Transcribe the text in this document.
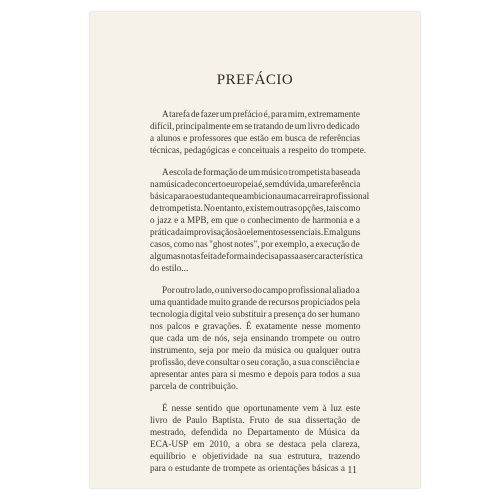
PREFÁCIO
A tarefa de fazer um prefácio é, para mim, extremamente
difícil, principalmente em se tratando de um livro dedicado
a alunos e professores que estão em busca de referências
técnicas, pedagógicas e conceituais a respeito do trompete.
A escola de formação de um músico trompetista baseada
na música de concerto europeia é, sem dúvida, uma referência
básica para o estudante que ambiciona uma carreira profissional
de trompetista. No entanto, existem outras opções, tais como
o jazz e a MPB, em que o conhecimento de harmonia e a
prática da improvisação são elementos essenciais. Em alguns
casos, como nas "ghost notes", por exemplo, a execução de
algumas notas feita de forma indecisa passa a ser característica
do estilo...
Por outro lado, o universo do campo profissional aliado a
uma quantidade muito grande de recursos propiciados pela
tecnologia digital veio substituir a presença do ser humano
nos palcos e gravações. É exatamente nesse momento
que cada um de nós, seja ensinando trompete ou outro
instrumento, seja por meio da música ou qualquer outra
profissão, deve consultar o seu coração, a sua consciência e
apresentar antes para si mesmo e depois para todos a sua
parcela de contribuição.
É nesse sentido que oportunamente vem à luz este
livro de Paulo Baptista. Fruto de sua dissertação de
mestrado, defendida no Departamento de Música da
ECA-USP em 2010, a obra se destaca pela clareza,
equilíbrio e objetividade na sua estrutura, trazendo
para o estudante de trompete as orientações básicas a 11
